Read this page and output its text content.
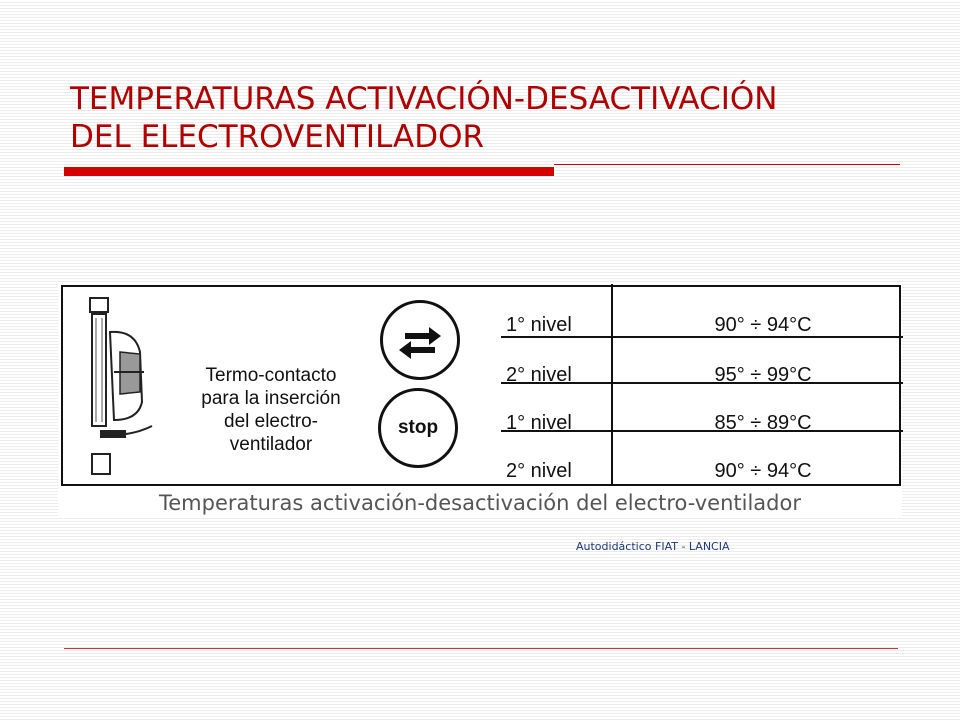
TEMPERATURAS ACTIVACIÓN-DESACTIVACIÓN
DEL ELECTROVENTILADOR
Termo-contacto
para la inserción
del electro-
ventilador
stop
1° nivel	90° ÷ 94°C
2° nivel	95° ÷ 99°C
1° nivel	85° ÷ 89°C
2° nivel	90° ÷ 94°C
Temperaturas activación-desactivación del electro-ventilador
Autodidáctico FIAT - LANCIA
